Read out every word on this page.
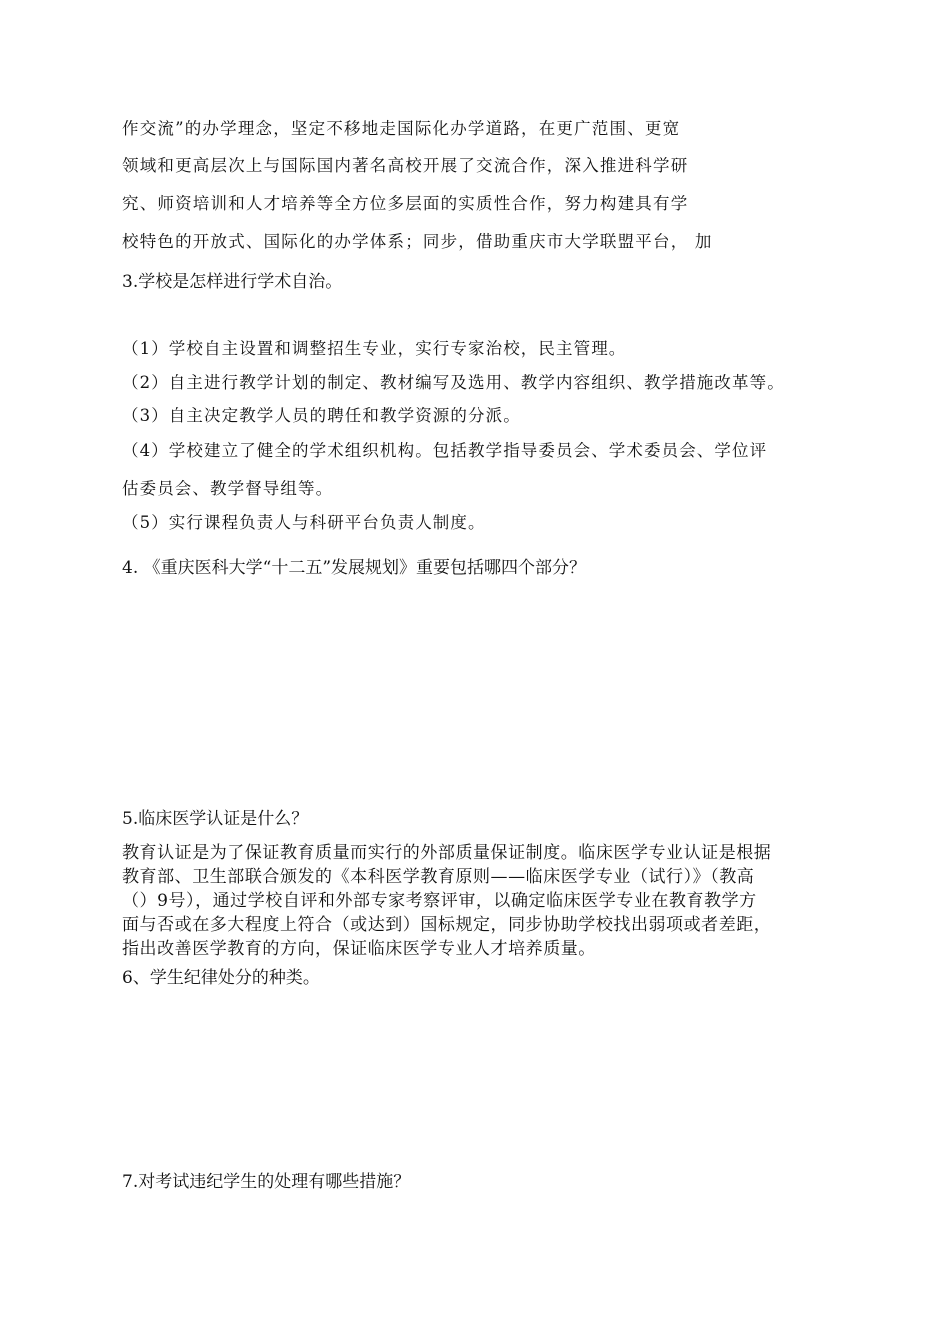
作交流”的办学理念，坚定不移地走国际化办学道路，在更广范围、更宽
领域和更高层次上与国际国内著名高校开展了交流合作，深入推进科学研
究、师资培训和人才培养等全方位多层面的实质性合作，努力构建具有学
校特色的开放式、国际化的办学体系；同步，借助重庆市大学联盟平台， 加
3.学校是怎样进行学术自治。
（1）学校自主设置和调整招生专业，实行专家治校，民主管理。
（2）自主进行教学计划的制定、教材编写及选用、教学内容组织、教学措施改革等。
（3）自主决定教学人员的聘任和教学资源的分派。
（4）学校建立了健全的学术组织机构。包括教学指导委员会、学术委员会、学位评
估委员会、教学督导组等。
（5）实行课程负责人与科研平台负责人制度。
4. 《重庆医科大学“十二五”发展规划》重要包括哪四个部分？
5.临床医学认证是什么？
教育认证是为了保证教育质量而实行的外部质量保证制度。临床医学专业认证是根据
教育部、卫生部联合颁发的《本科医学教育原则——临床医学专业（试行）》（教高
（）9号），通过学校自评和外部专家考察评审，以确定临床医学专业在教育教学方
面与否或在多大程度上符合（或达到）国标规定，同步协助学校找出弱项或者差距，
指出改善医学教育的方向，保证临床医学专业人才培养质量。
6、学生纪律处分的种类。
7.对考试违纪学生的处理有哪些措施？
